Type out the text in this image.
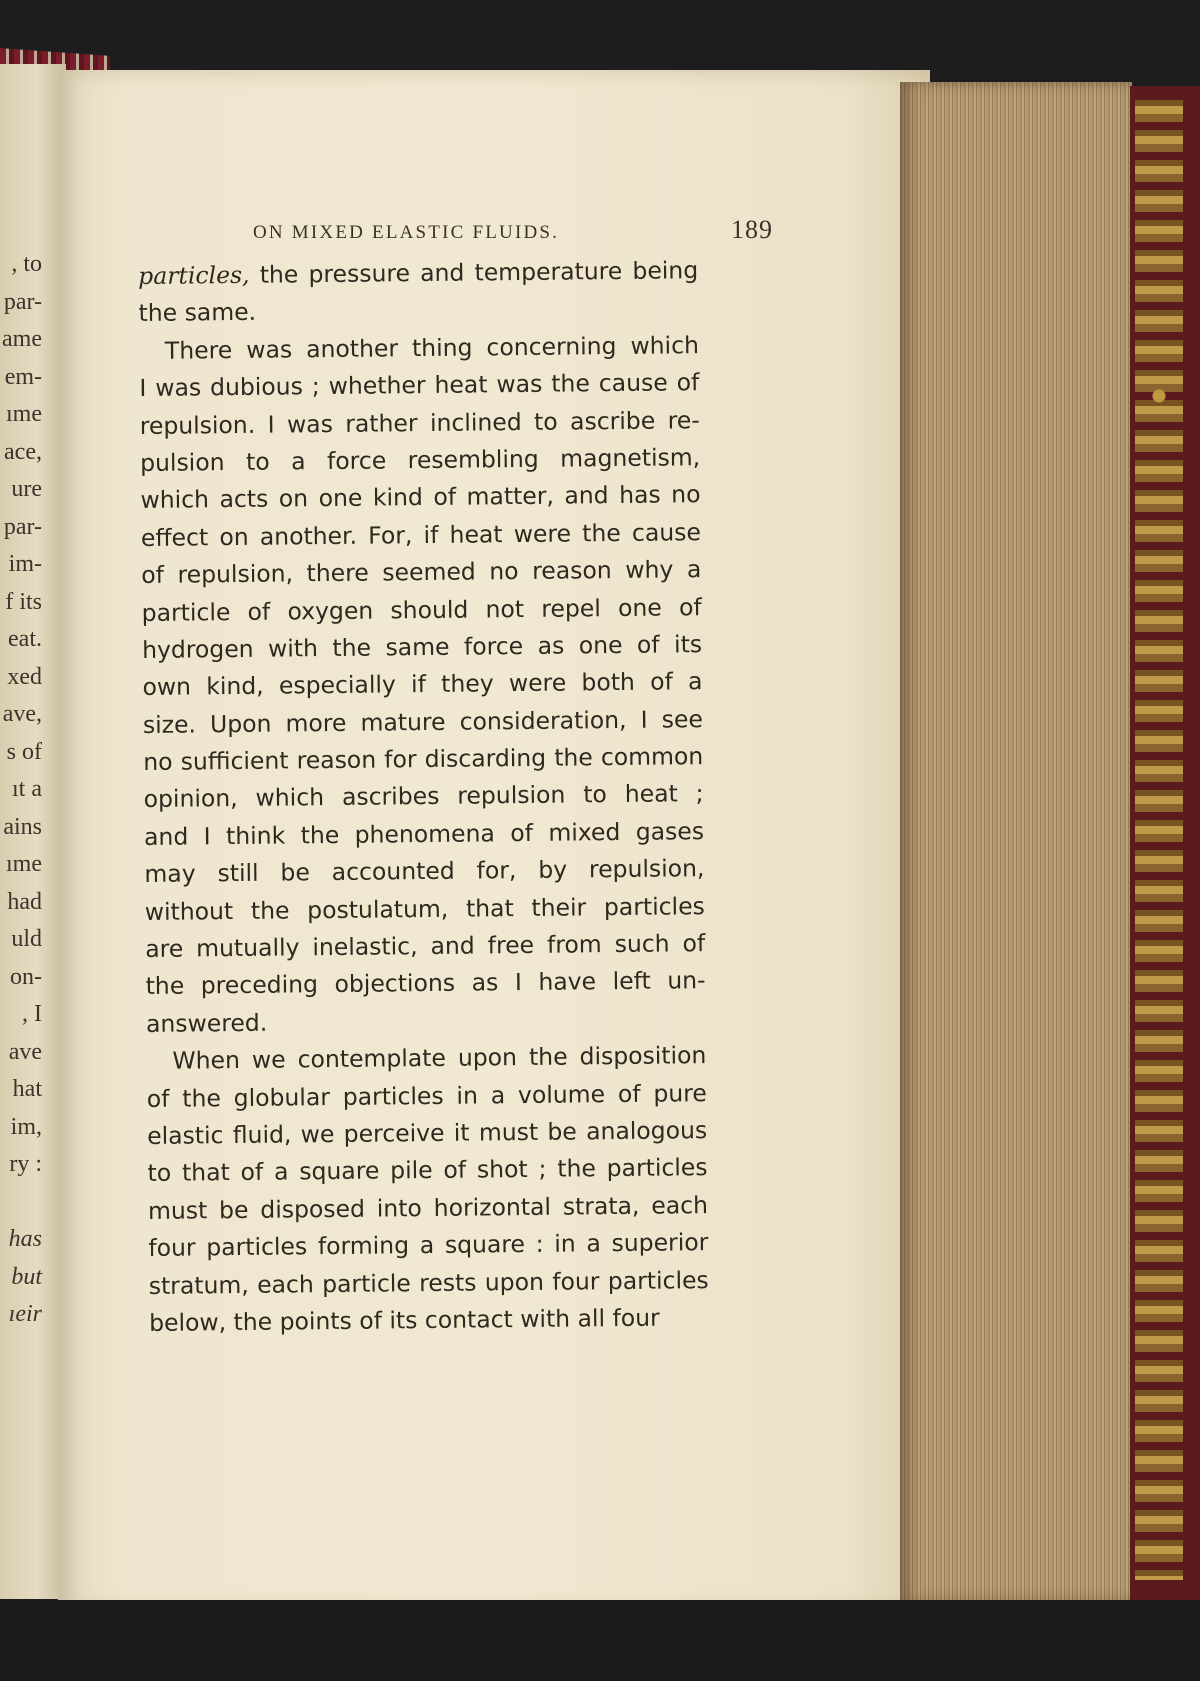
, to
par-
ame
em-
ıme
ace,
ure
par-
im-
f its
eat.
xed
ave,
s of
ıt a
ains
ıme
had
uld
on-
, I
ave
hat
im,
ry :
has
but
ıeir
ON MIXED ELASTIC FLUIDS.	189
particles, the pressure and temperature being
the same.
There was another thing concerning which
I was dubious ; whether heat was the cause of
repulsion. I was rather inclined to ascribe re-
pulsion to a force resembling magnetism,
which acts on one kind of matter, and has no
effect on another. For, if heat were the cause
of repulsion, there seemed no reason why a
particle of oxygen should not repel one of
hydrogen with the same force as one of its
own kind, especially if they were both of a
size. Upon more mature consideration, I see
no sufficient reason for discarding the common
opinion, which ascribes repulsion to heat ;
and I think the phenomena of mixed gases
may still be accounted for, by repulsion,
without the postulatum, that their particles
are mutually inelastic, and free from such of
the preceding objections as I have left un-
answered.
When we contemplate upon the disposition
of the globular particles in a volume of pure
elastic fluid, we perceive it must be analogous
to that of a square pile of shot ; the particles
must be disposed into horizontal strata, each
four particles forming a square : in a superior
stratum, each particle rests upon four particles
below, the points of its contact with all four
